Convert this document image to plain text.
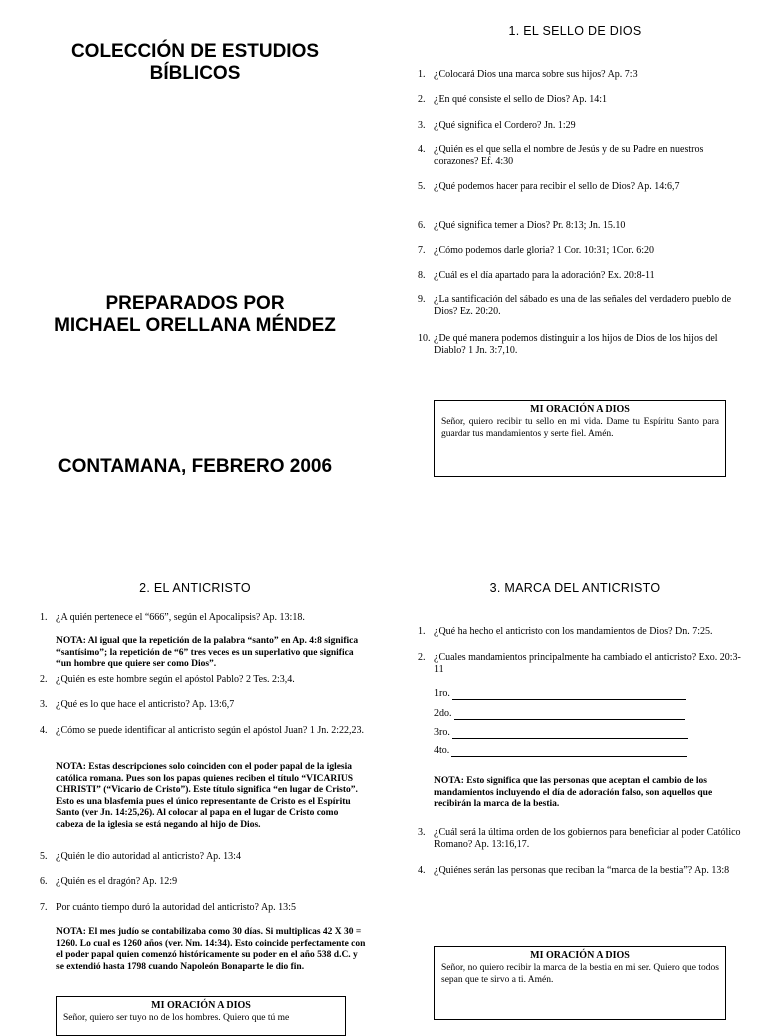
COLECCIÓN DE ESTUDIOS
BÍBLICOS
PREPARADOS POR
MICHAEL ORELLANA MÉNDEZ
CONTAMANA, FEBRERO 2006
1. EL SELLO DE DIOS
1. ¿Colocará Dios una marca sobre sus hijos? Ap. 7:3
2. ¿En qué consiste el sello de Dios? Ap. 14:1
3. ¿Qué significa el Cordero? Jn. 1:29
4. ¿Quién es el que sella el nombre de Jesús y de su Padre en nuestros corazones? Ef. 4:30
5. ¿Qué podemos hacer para recibir el sello de Dios? Ap. 14:6,7
6. ¿Qué significa temer a Dios? Pr. 8:13; Jn. 15.10
7. ¿Cómo podemos darle gloria? 1 Cor. 10:31; 1Cor. 6:20
8. ¿Cuál es el día apartado para la adoración? Ex. 20:8-11
9. ¿La santificación del sábado es una de las señales del verdadero pueblo de Dios? Ez. 20:20.
10. ¿De qué manera podemos distinguir a los hijos de Dios de los hijos del Diablo? 1 Jn. 3:7,10.
MI ORACIÓN A DIOS
Señor, quiero recibir tu sello en mi vida. Dame tu Espíritu Santo para guardar tus mandamientos y serte fiel. Amén.
2. EL ANTICRISTO
1. ¿A quién pertenece el “666”, según el Apocalipsis? Ap. 13:18.
NOTA: Al igual que la repetición de la palabra “santo” en Ap. 4:8 significa “santísimo”; la repetición de “6” tres veces es un superlativo que significa “un hombre que quiere ser como Dios”.
2. ¿Quién es este hombre según el apóstol Pablo? 2 Tes. 2:3,4.
3. ¿Qué es lo que hace el anticristo? Ap. 13:6,7
4. ¿Cómo se puede identificar al anticristo según el apóstol Juan? 1 Jn. 2:22,23.
NOTA: Estas descripciones solo coinciden con el poder papal de la iglesia católica romana. Pues son los papas quienes reciben el título “VICARIUS CHRISTI” (“Vicario de Cristo”). Este título significa “en lugar de Cristo”. Esto es una blasfemia pues el único representante de Cristo es el Espíritu Santo (ver Jn. 14:25,26). Al colocar al papa en el lugar de Cristo como cabeza de la iglesia se está negando al hijo de Dios.
5. ¿Quién le dio autoridad al anticristo? Ap. 13:4
6. ¿Quién es el dragón? Ap. 12:9
7. Por cuánto tiempo duró la autoridad del anticristo? Ap. 13:5
NOTA: El mes judío se contabilizaba como 30 días. Si multiplicas 42 X 30 = 1260. Lo cual es 1260 años (ver. Nm. 14:34). Esto coincide perfectamente con el poder papal quien comenzó históricamente su poder en el año 538 d.C. y se extendió hasta 1798 cuando Napoleón Bonaparte le dio fin.
MI ORACIÓN A DIOS
Señor, quiero ser tuyo no de los hombres. Quiero que tú me
3. MARCA DEL ANTICRISTO
1. ¿Qué ha hecho el anticristo con los mandamientos de Dios? Dn. 7:25.
2. ¿Cuales mandamientos principalmente ha cambiado el anticristo? Exo. 20:3-11
1ro.
2do.
3ro.
4to.
NOTA: Esto significa que las personas que aceptan el cambio de los mandamientos incluyendo el día de adoración falso, son aquellos que recibirán la marca de la bestia.
3. ¿Cuál será la última orden de los gobiernos para beneficiar al poder Católico Romano? Ap. 13:16,17.
4. ¿Quiénes serán las personas que reciban la “marca de la bestia”? Ap. 13:8
MI ORACIÓN A DIOS
Señor, no quiero recibir la marca de la bestia en mi ser. Quiero que todos sepan que te sirvo a ti. Amén.
